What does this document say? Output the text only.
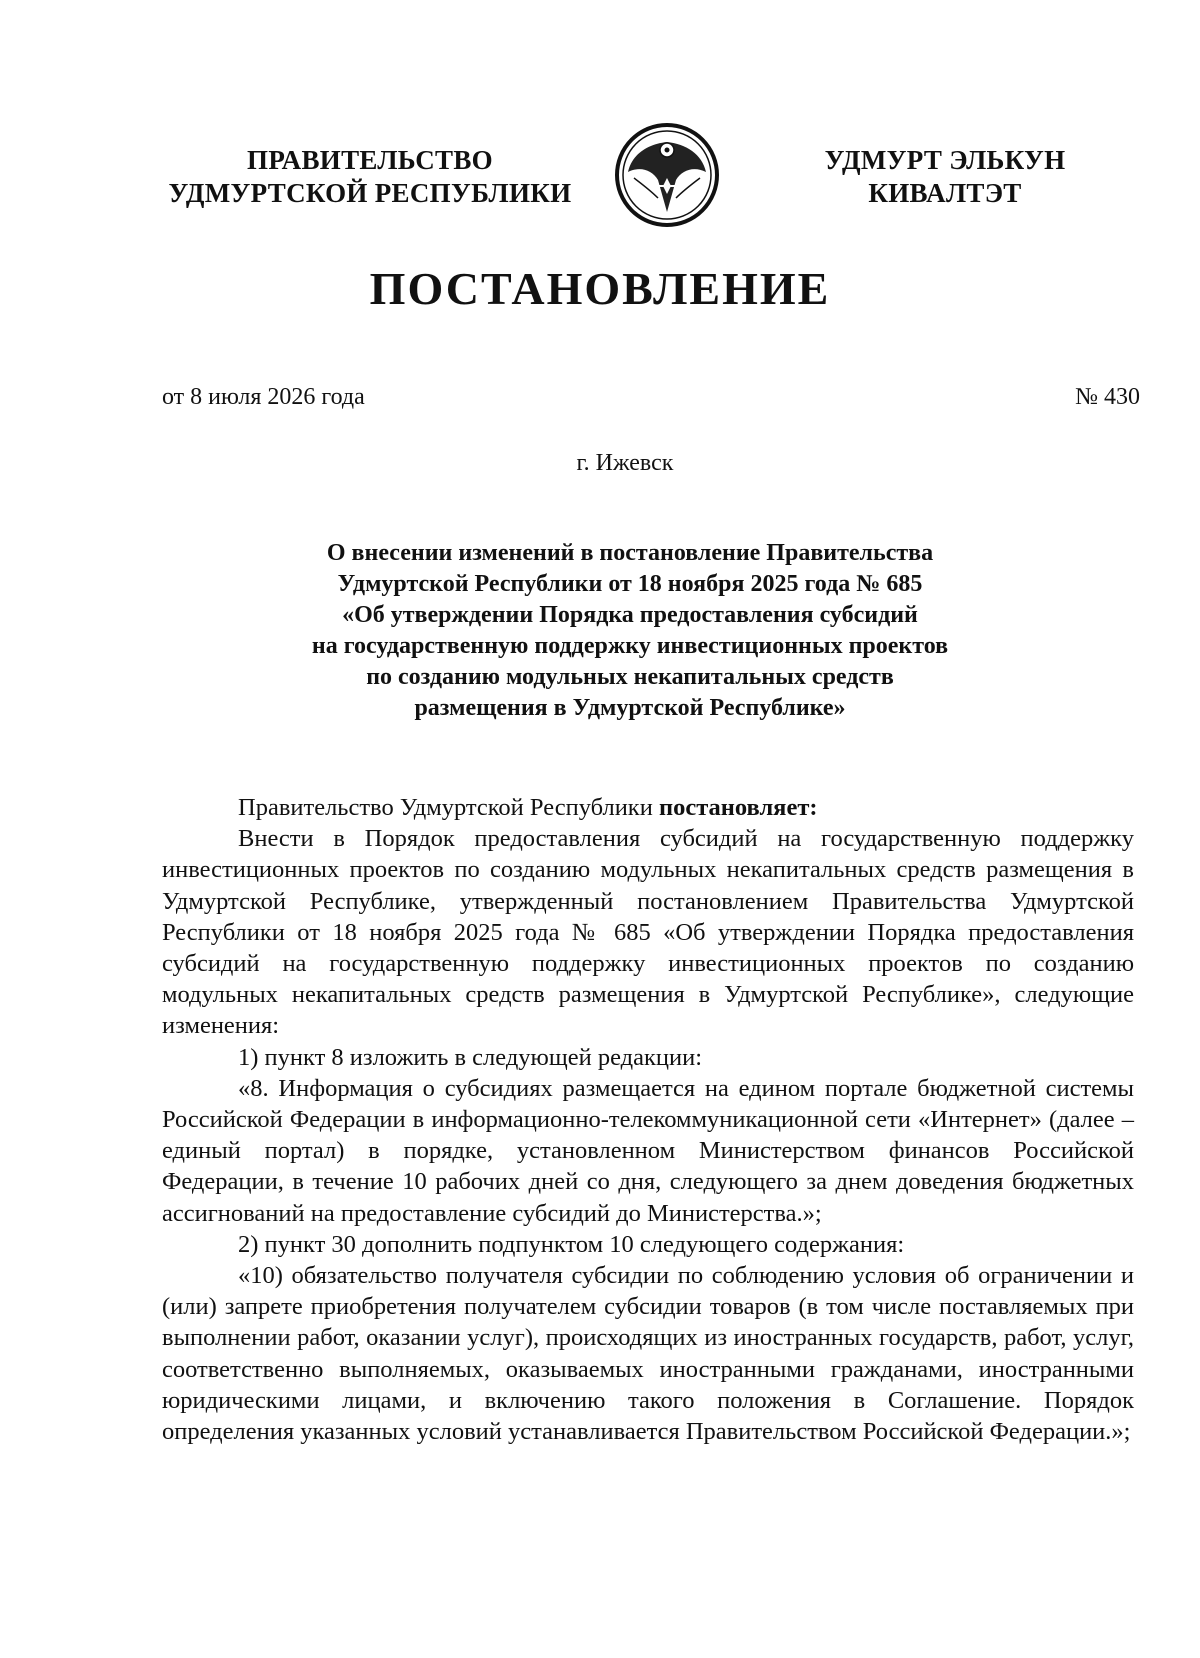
ПРАВИТЕЛЬСТВО
УДМУРТСКОЙ РЕСПУБЛИКИ
УДМУРТ ЭЛЬКУН
КИВАЛТЭТ
ПОСТАНОВЛЕНИЕ
от 8 июля 2026 года	№ 430
г. Ижевск
О внесении изменений в постановление Правительства
Удмуртской Республики от 18 ноября 2025 года № 685
«Об утверждении Порядка предоставления субсидий
на государственную поддержку инвестиционных проектов
по созданию модульных некапитальных средств
размещения в Удмуртской Республике»

Правительство Удмуртской Республики постановляет:

Внести в Порядок предоставления субсидий на государственную поддержку инвестиционных проектов по созданию модульных некапитальных средств размещения в Удмуртской Республике, утвержденный постановлением Правительства Удмуртской Республики от 18 ноября 2025 года № 685 «Об утверждении Порядка предоставления субсидий на государственную поддержку инвестиционных проектов по созданию модульных некапитальных средств размещения в Удмуртской Республике», следующие изменения:

1) пункт 8 изложить в следующей редакции:

«8. Информация о субсидиях размещается на едином портале бюджетной системы Российской Федерации в информационно-телекоммуникационной сети «Интернет» (далее – единый портал) в порядке, установленном Министерством финансов Российской Федерации, в течение 10 рабочих дней со дня, следующего за днем доведения бюджетных ассигнований на предоставление субсидий до Министерства.»;

2) пункт 30 дополнить подпунктом 10 следующего содержания:

«10) обязательство получателя субсидии по соблюдению условия об ограничении и (или) запрете приобретения получателем субсидии товаров (в том числе поставляемых при выполнении работ, оказании услуг), происходящих из иностранных государств, работ, услуг, соответственно выполняемых, оказываемых иностранными гражданами, иностранными юридическими лицами, и включению такого положения в Соглашение. Порядок определения указанных условий устанавливается Правительством Российской Федерации.»;
